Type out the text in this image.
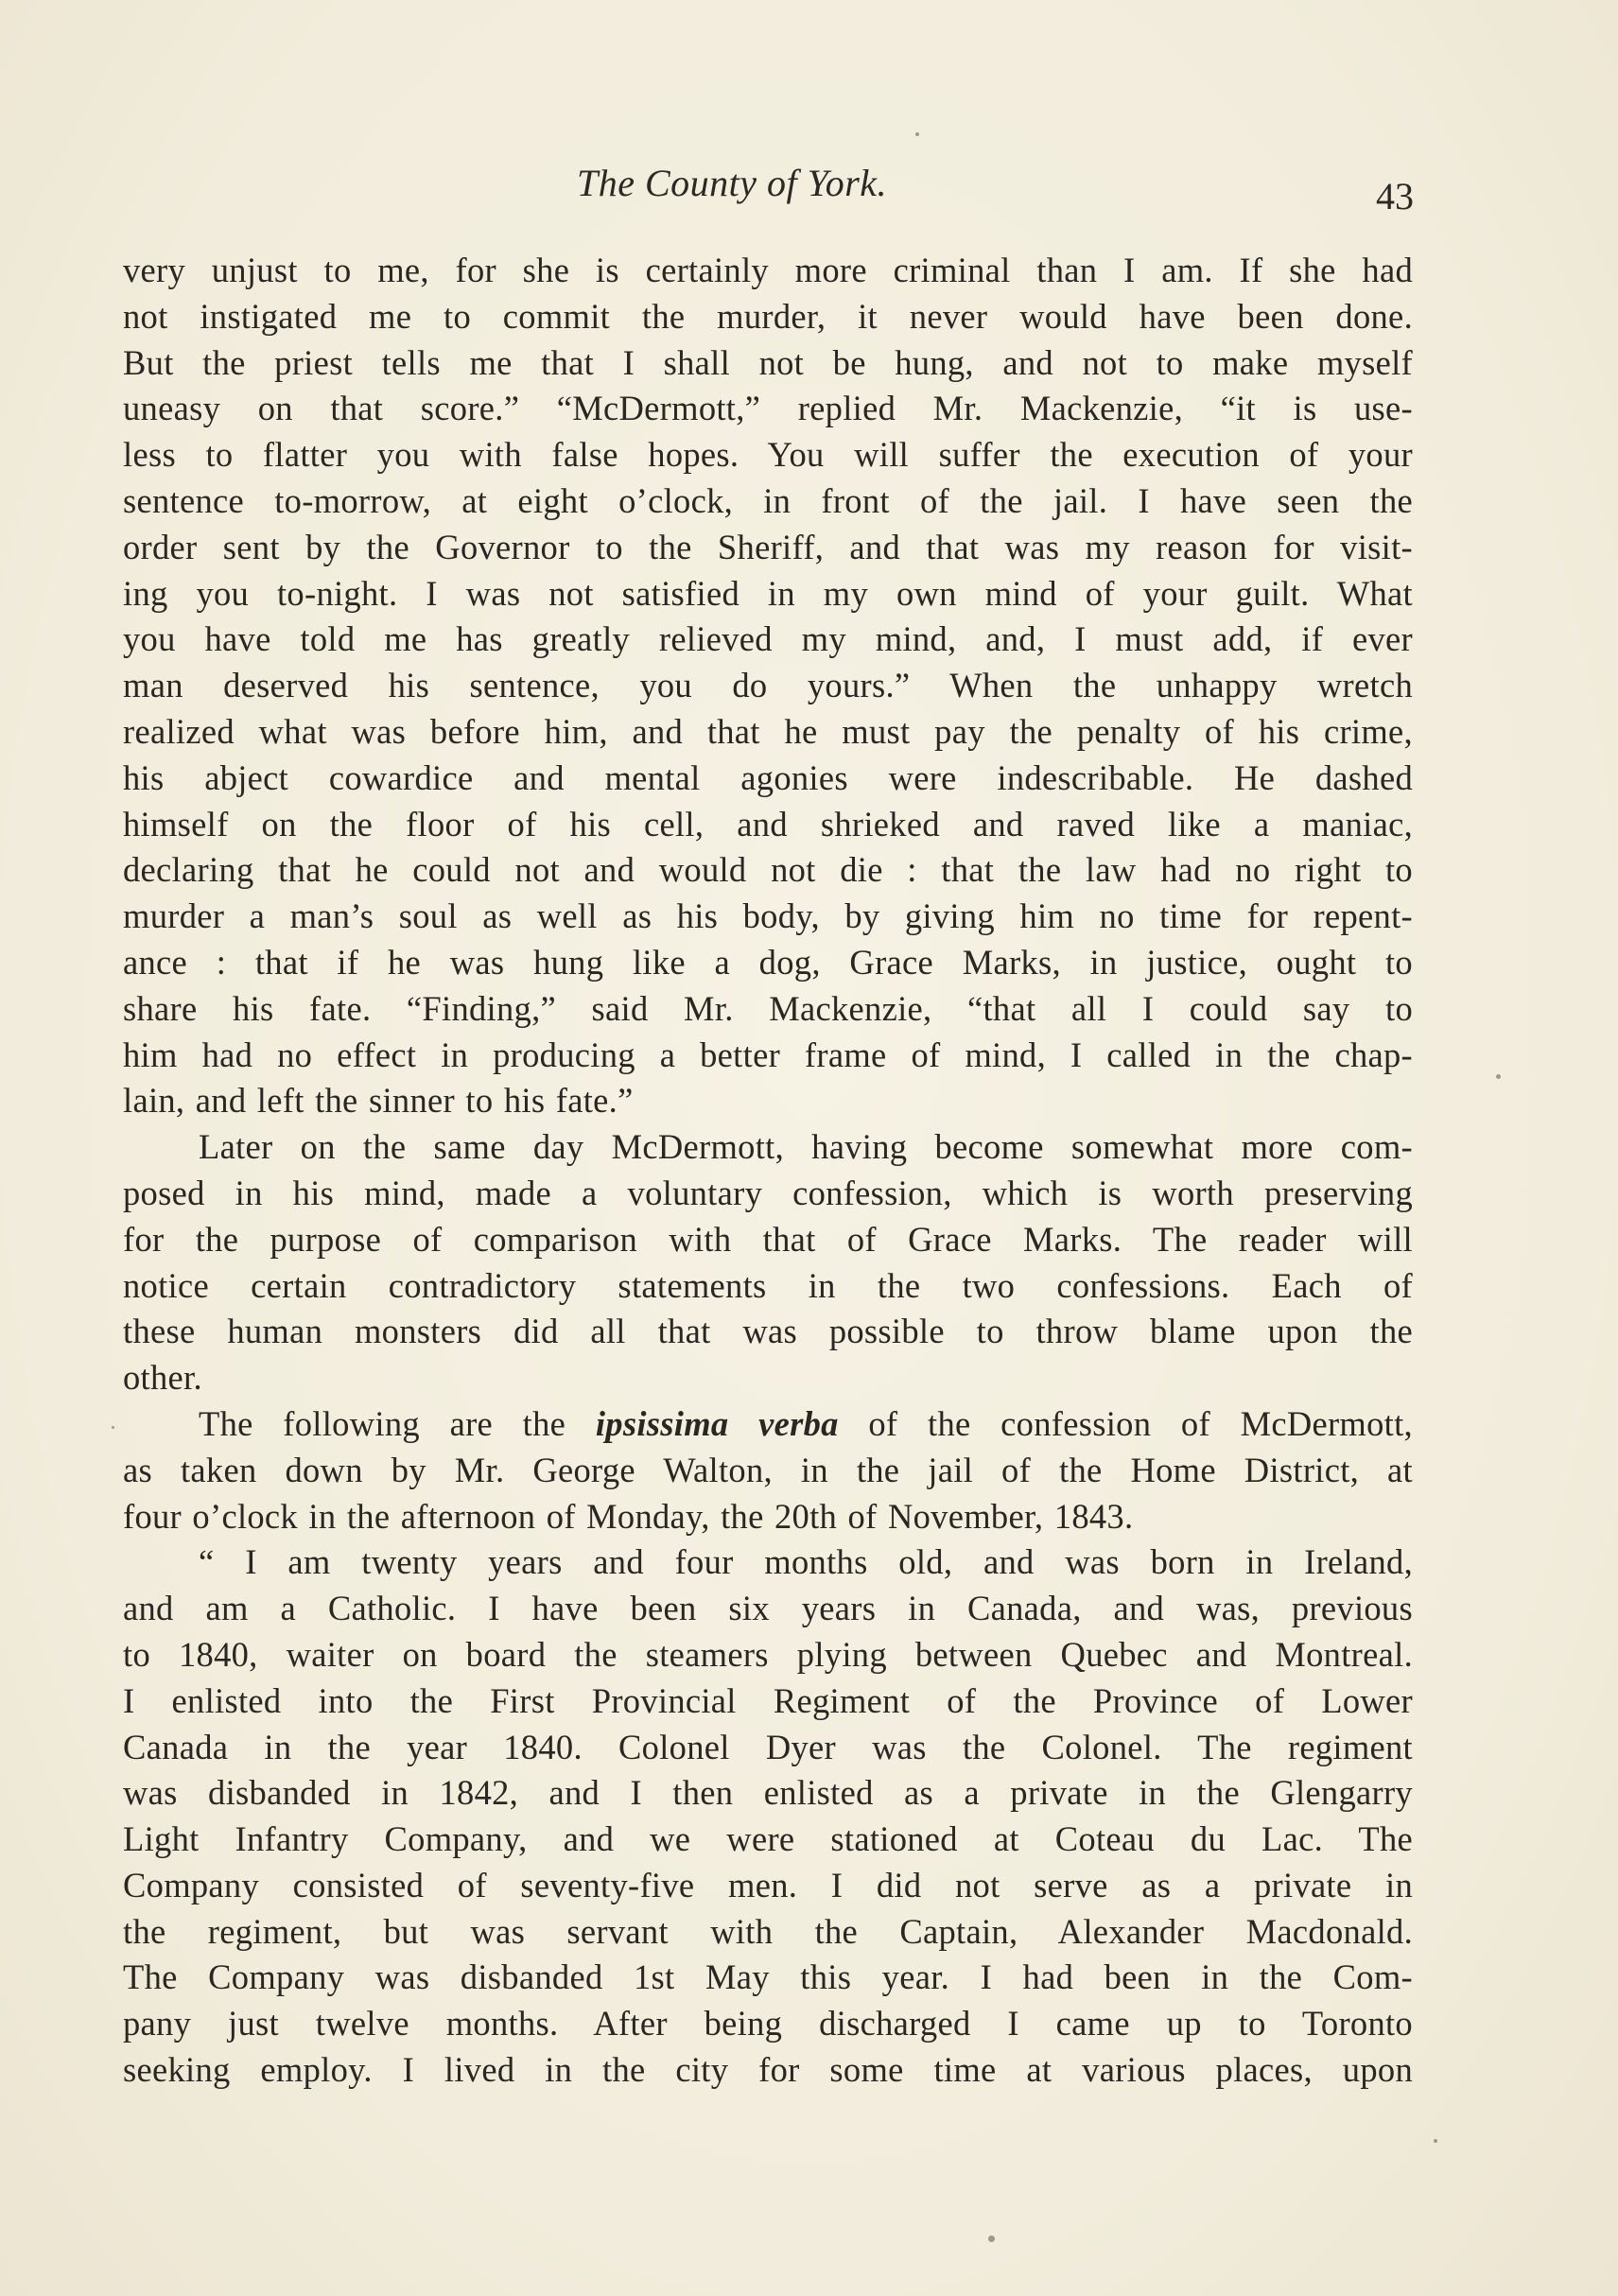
The County of York.	43
very unjust to me, for she is certainly more criminal than I am. If she had
not instigated me to commit the murder, it never would have been done.
But the priest tells me that I shall not be hung, and not to make myself
uneasy on that score.” “McDermott,” replied Mr. Mackenzie, “it is use-
less to flatter you with false hopes. You will suffer the execution of your
sentence to-morrow, at eight o’clock, in front of the jail. I have seen the
order sent by the Governor to the Sheriff, and that was my reason for visit-
ing you to-night. I was not satisfied in my own mind of your guilt. What
you have told me has greatly relieved my mind, and, I must add, if ever
man deserved his sentence, you do yours.” When the unhappy wretch
realized what was before him, and that he must pay the penalty of his crime,
his abject cowardice and mental agonies were indescribable. He dashed
himself on the floor of his cell, and shrieked and raved like a maniac,
declaring that he could not and would not die : that the law had no right to
murder a man’s soul as well as his body, by giving him no time for repent-
ance : that if he was hung like a dog, Grace Marks, in justice, ought to
share his fate. “Finding,” said Mr. Mackenzie, “that all I could say to
him had no effect in producing a better frame of mind, I called in the chap-
lain, and left the sinner to his fate.”
Later on the same day McDermott, having become somewhat more com-
posed in his mind, made a voluntary confession, which is worth preserving
for the purpose of comparison with that of Grace Marks. The reader will
notice certain contradictory statements in the two confessions. Each of
these human monsters did all that was possible to throw blame upon the
other.
The following are the ipsissima verba of the confession of McDermott,
as taken down by Mr. George Walton, in the jail of the Home District, at
four o’clock in the afternoon of Monday, the 20th of November, 1843.
“ I am twenty years and four months old, and was born in Ireland,
and am a Catholic. I have been six years in Canada, and was, previous
to 1840, waiter on board the steamers plying between Quebec and Montreal.
I enlisted into the First Provincial Regiment of the Province of Lower
Canada in the year 1840. Colonel Dyer was the Colonel. The regiment
was disbanded in 1842, and I then enlisted as a private in the Glengarry
Light Infantry Company, and we were stationed at Coteau du Lac. The
Company consisted of seventy-five men. I did not serve as a private in
the regiment, but was servant with the Captain, Alexander Macdonald.
The Company was disbanded 1st May this year. I had been in the Com-
pany just twelve months. After being discharged I came up to Toronto
seeking employ. I lived in the city for some time at various places, upon
